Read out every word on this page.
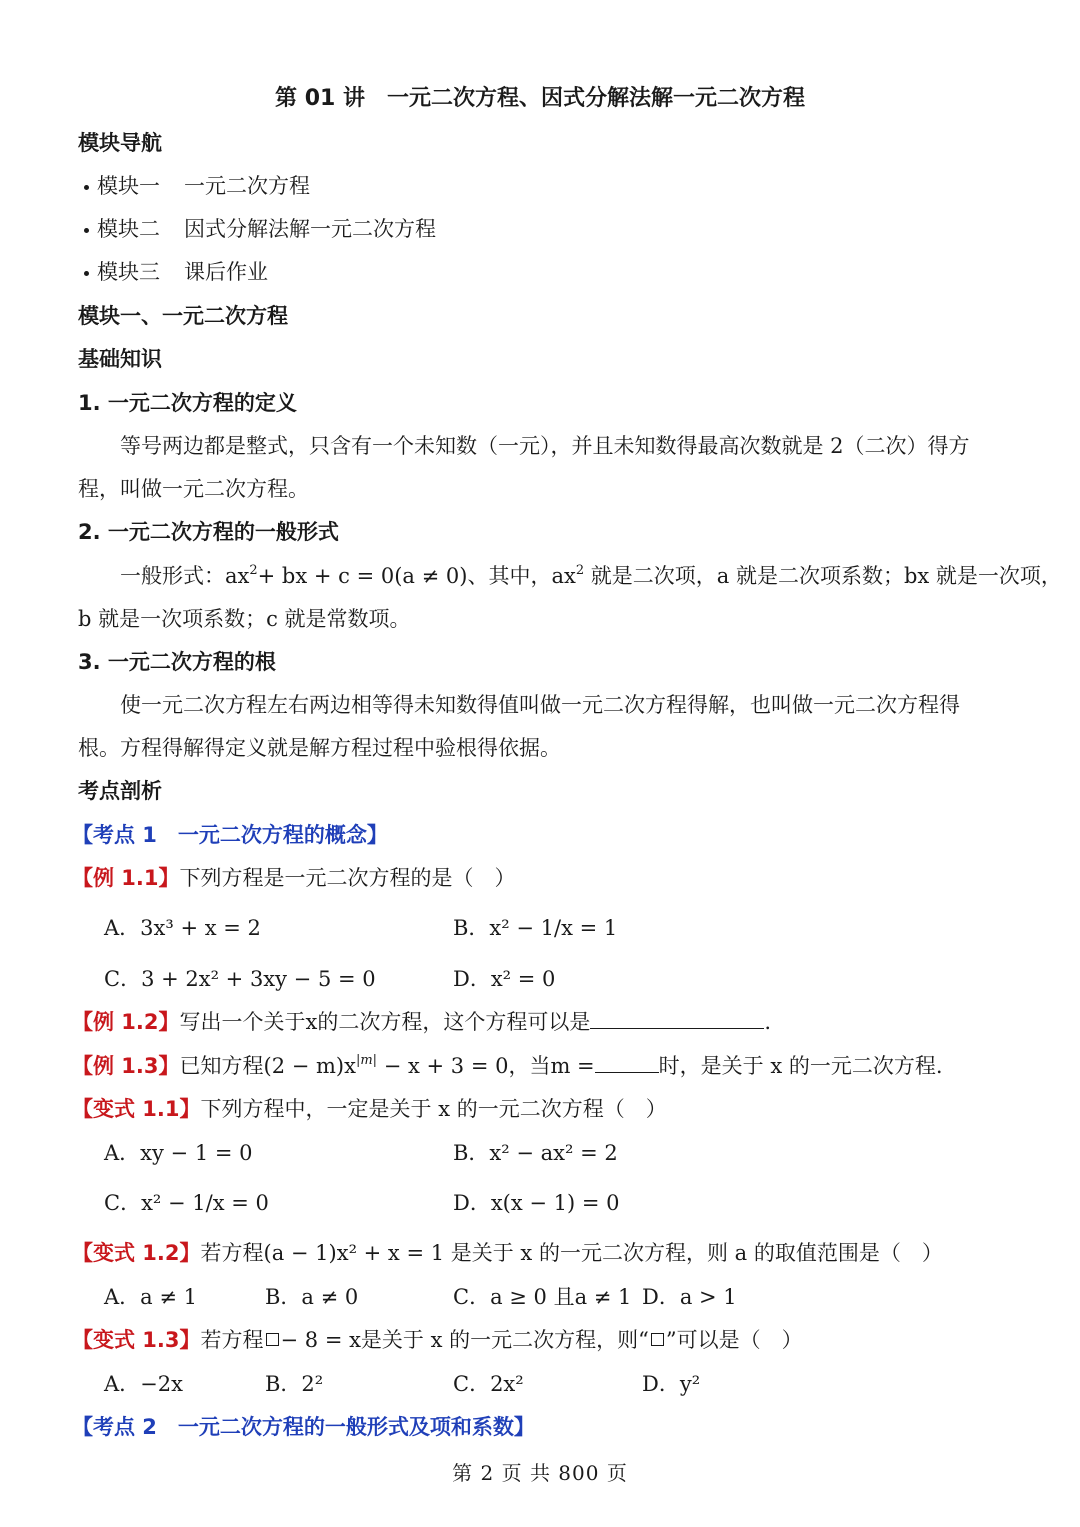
第 01 讲　一元二次方程、因式分解法解一元二次方程
模块导航
模块一 一元二次方程
模块二 因式分解法解一元二次方程
模块三 课后作业
模块一、一元二次方程
基础知识
1. 一元二次方程的定义
等号两边都是整式，只含有一个未知数（一元），并且未知数得最高次数就是 2（二次）得方
程，叫做一元二次方程。
2. 一元二次方程的一般形式
一般形式：$ax^2+$ bx + c = 0(a ≠ 0)、其中，$ax^2$ 就是二次项，a 就是二次项系数；bx 就是一次项，
b 就是一次项系数；c 就是常数项。
3. 一元二次方程的根
使一元二次方程左右两边相等得未知数得值叫做一元二次方程得解，也叫做一元二次方程得
根。方程得解得定义就是解方程过程中验根得依据。
考点剖析
【考点 1　一元二次方程的概念】
【例 1.1】下列方程是一元二次方程的是（　）
A．3x³ + x = 2	B．x² − 1/x = 1
C．3 + 2x² + 3xy − 5 = 0	D．x² = 0
【例 1.2】写出一个关于x的二次方程，这个方程可以是	.
【例 1.3】已知方程$(2 - m)x^{|m|} - x + 3 = 0$，当m =	时，是关于 x 的一元二次方程.
【变式 1.1】下列方程中，一定是关于 x 的一元二次方程（　）
A．xy − 1 = 0	B．x² − ax² = 2
C．x² − 1/x = 0	D．x(x − 1) = 0
【变式 1.2】若方程(a − 1)x² + x = 1 是关于 x 的一元二次方程，则 a 的取值范围是（　）
A．a ≠ 1	B．a ≠ 0	C．a ≥ 0 且a ≠ 1 D．a > 1
【变式 1.3】若方程 − 8 = x是关于 x 的一元二次方程，则“ ”可以是（　）
A．−2x	B．2²	C．2x²	D．y²
【考点 2　一元二次方程的一般形式及项和系数】
第 2 页 共 800 页
